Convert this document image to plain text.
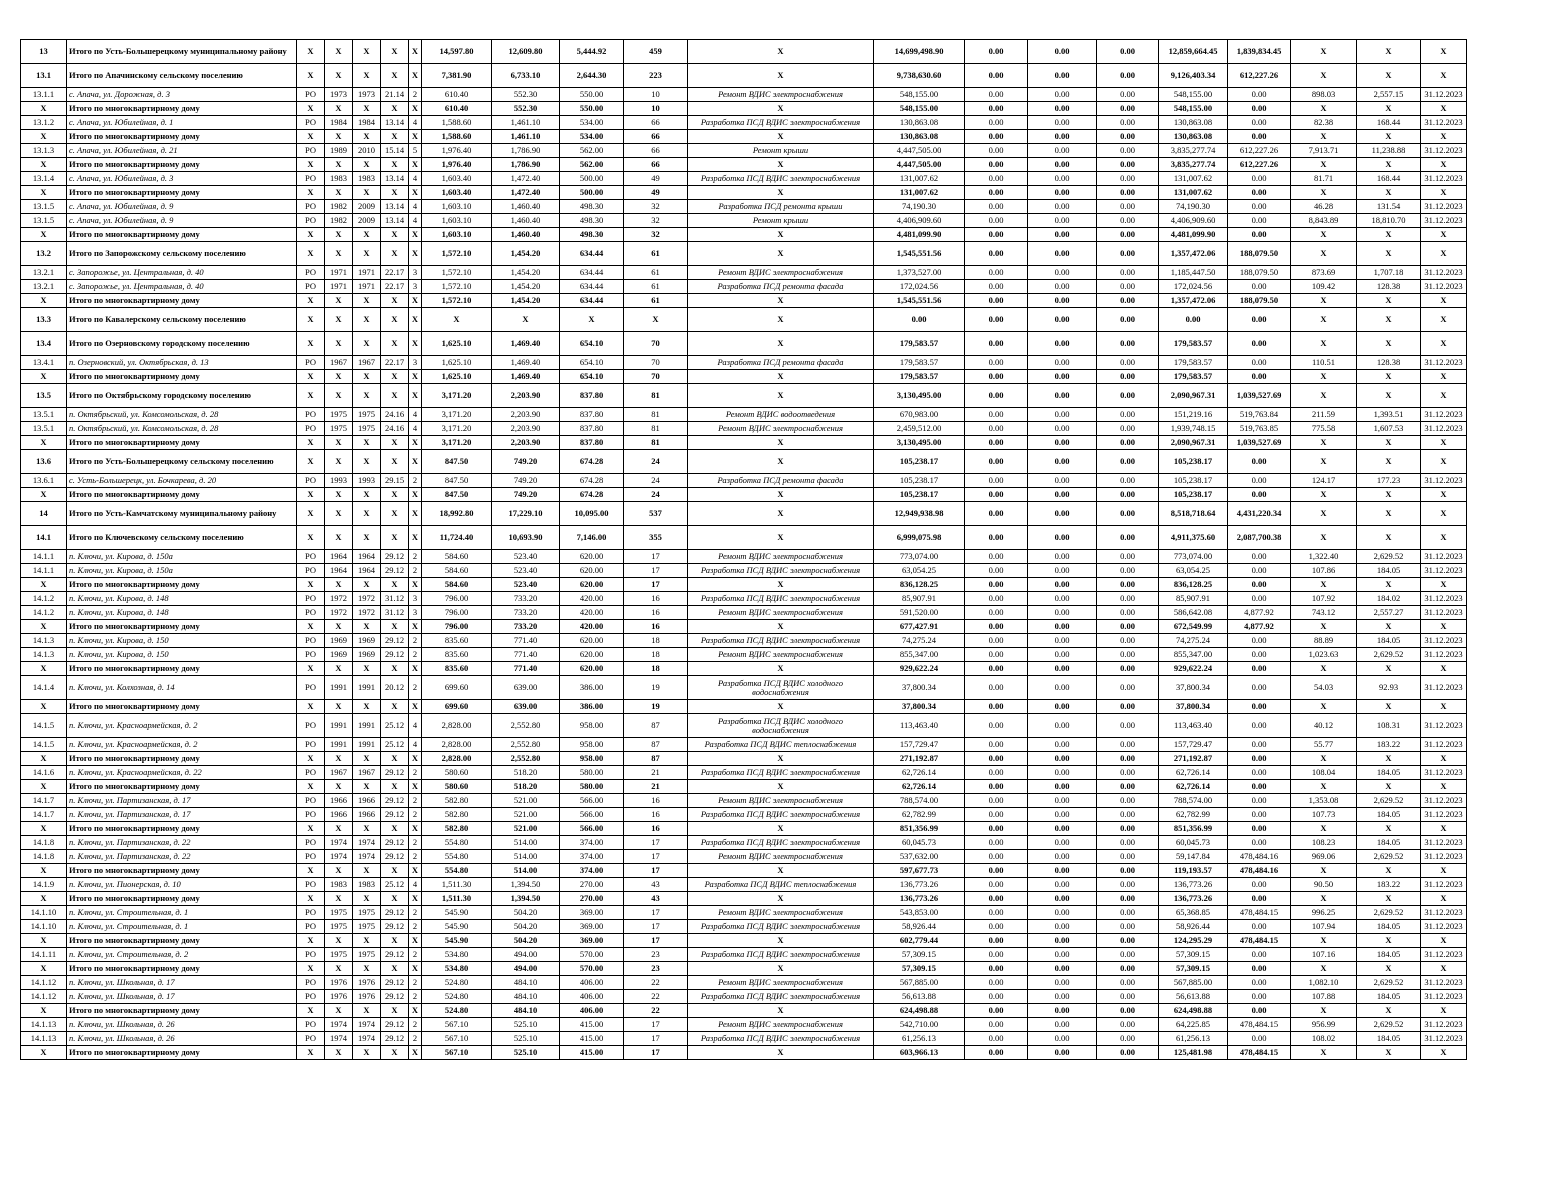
13	Итого по Усть-Большерецкому муниципальному району	X	X	X	X	X	14,597.80	12,609.80	5,444.92	459	X	14,699,498.90	0.00	0.00	0.00	12,859,664.45	1,839,834.45	X	X	X
13.1	Итого по Апачинскому сельскому поселению	X	X	X	X	X	7,381.90	6,733.10	2,644.30	223	X	9,738,630.60	0.00	0.00	0.00	9,126,403.34	612,227.26	X	X	X
13.1.1	с. Апача, ул. Дорожная, д. 3	РО	1973	1973	21.14	2	610.40	552.30	550.00	10	Ремонт ВДИС электроснабжения	548,155.00	0.00	0.00	0.00	548,155.00	0.00	898.03	2,557.15	31.12.2023
X	Итого по многоквартирному дому	X	X	X	X	X	610.40	552.30	550.00	10	X	548,155.00	0.00	0.00	0.00	548,155.00	0.00	X	X	X
13.1.2	с. Апача, ул. Юбилейная, д. 1	РО	1984	1984	13.14	4	1,588.60	1,461.10	534.00	66	Разработка ПСД ВДИС электроснабжения	130,863.08	0.00	0.00	0.00	130,863.08	0.00	82.38	168.44	31.12.2023
X	Итого по многоквартирному дому	X	X	X	X	X	1,588.60	1,461.10	534.00	66	X	130,863.08	0.00	0.00	0.00	130,863.08	0.00	X	X	X
13.1.3	с. Апача, ул. Юбилейная, д. 21	РО	1989	2010	15.14	5	1,976.40	1,786.90	562.00	66	Ремонт крыши	4,447,505.00	0.00	0.00	0.00	3,835,277.74	612,227.26	7,913.71	11,238.88	31.12.2023
X	Итого по многоквартирному дому	X	X	X	X	X	1,976.40	1,786.90	562.00	66	X	4,447,505.00	0.00	0.00	0.00	3,835,277.74	612,227.26	X	X	X
13.1.4	с. Апача, ул. Юбилейная, д. 3	РО	1983	1983	13.14	4	1,603.40	1,472.40	500.00	49	Разработка ПСД ВДИС электроснабжения	131,007.62	0.00	0.00	0.00	131,007.62	0.00	81.71	168.44	31.12.2023
X	Итого по многоквартирному дому	X	X	X	X	X	1,603.40	1,472.40	500.00	49	X	131,007.62	0.00	0.00	0.00	131,007.62	0.00	X	X	X
13.1.5	с. Апача, ул. Юбилейная, д. 9	РО	1982	2009	13.14	4	1,603.10	1,460.40	498.30	32	Разработка ПСД ремонта крыши	74,190.30	0.00	0.00	0.00	74,190.30	0.00	46.28	131.54	31.12.2023
13.1.5	с. Апача, ул. Юбилейная, д. 9	РО	1982	2009	13.14	4	1,603.10	1,460.40	498.30	32	Ремонт крыши	4,406,909.60	0.00	0.00	0.00	4,406,909.60	0.00	8,843.89	18,810.70	31.12.2023
X	Итого по многоквартирному дому	X	X	X	X	X	1,603.10	1,460.40	498.30	32	X	4,481,099.90	0.00	0.00	0.00	4,481,099.90	0.00	X	X	X
13.2	Итого по Запорожскому сельскому поселению	X	X	X	X	X	1,572.10	1,454.20	634.44	61	X	1,545,551.56	0.00	0.00	0.00	1,357,472.06	188,079.50	X	X	X
13.2.1	с. Запорожье, ул. Центральная, д. 40	РО	1971	1971	22.17	3	1,572.10	1,454.20	634.44	61	Ремонт ВДИС электроснабжения	1,373,527.00	0.00	0.00	0.00	1,185,447.50	188,079.50	873.69	1,707.18	31.12.2023
13.2.1	с. Запорожье, ул. Центральная, д. 40	РО	1971	1971	22.17	3	1,572.10	1,454.20	634.44	61	Разработка ПСД ремонта фасада	172,024.56	0.00	0.00	0.00	172,024.56	0.00	109.42	128.38	31.12.2023
X	Итого по многоквартирному дому	X	X	X	X	X	1,572.10	1,454.20	634.44	61	X	1,545,551.56	0.00	0.00	0.00	1,357,472.06	188,079.50	X	X	X
13.3	Итого по Кавалерскому сельскому поселению	X	X	X	X	X	X	X	X	X	X	0.00	0.00	0.00	0.00	0.00	0.00	X	X	X
13.4	Итого по Озерновскому городскому поселению	X	X	X	X	X	1,625.10	1,469.40	654.10	70	X	179,583.57	0.00	0.00	0.00	179,583.57	0.00	X	X	X
13.4.1	п. Озерновский, ул. Октябрьская, д. 13	РО	1967	1967	22.17	3	1,625.10	1,469.40	654.10	70	Разработка ПСД ремонта фасада	179,583.57	0.00	0.00	0.00	179,583.57	0.00	110.51	128.38	31.12.2023
X	Итого по многоквартирному дому	X	X	X	X	X	1,625.10	1,469.40	654.10	70	X	179,583.57	0.00	0.00	0.00	179,583.57	0.00	X	X	X
13.5	Итого по Октябрьскому городскому поселению	X	X	X	X	X	3,171.20	2,203.90	837.80	81	X	3,130,495.00	0.00	0.00	0.00	2,090,967.31	1,039,527.69	X	X	X
13.5.1	п. Октябрьский, ул. Комсомольская, д. 28	РО	1975	1975	24.16	4	3,171.20	2,203.90	837.80	81	Ремонт ВДИС водоотведения	670,983.00	0.00	0.00	0.00	151,219.16	519,763.84	211.59	1,393.51	31.12.2023
13.5.1	п. Октябрьский, ул. Комсомольская, д. 28	РО	1975	1975	24.16	4	3,171.20	2,203.90	837.80	81	Ремонт ВДИС электроснабжения	2,459,512.00	0.00	0.00	0.00	1,939,748.15	519,763.85	775.58	1,607.53	31.12.2023
X	Итого по многоквартирному дому	X	X	X	X	X	3,171.20	2,203.90	837.80	81	X	3,130,495.00	0.00	0.00	0.00	2,090,967.31	1,039,527.69	X	X	X
13.6	Итого по Усть-Большерецкому сельскому поселению	X	X	X	X	X	847.50	749.20	674.28	24	X	105,238.17	0.00	0.00	0.00	105,238.17	0.00	X	X	X
13.6.1	с. Усть-Большерецк, ул. Бочкарева, д. 20	РО	1993	1993	29.15	2	847.50	749.20	674.28	24	Разработка ПСД ремонта фасада	105,238.17	0.00	0.00	0.00	105,238.17	0.00	124.17	177.23	31.12.2023
X	Итого по многоквартирному дому	X	X	X	X	X	847.50	749.20	674.28	24	X	105,238.17	0.00	0.00	0.00	105,238.17	0.00	X	X	X
14	Итого по Усть-Камчатскому муниципальному району	X	X	X	X	X	18,992.80	17,229.10	10,095.00	537	X	12,949,938.98	0.00	0.00	0.00	8,518,718.64	4,431,220.34	X	X	X
14.1	Итого по Ключевскому сельскому поселению	X	X	X	X	X	11,724.40	10,693.90	7,146.00	355	X	6,999,075.98	0.00	0.00	0.00	4,911,375.60	2,087,700.38	X	X	X
14.1.1	п. Ключи, ул. Кирова, д. 150а	РО	1964	1964	29.12	2	584.60	523.40	620.00	17	Ремонт ВДИС электроснабжения	773,074.00	0.00	0.00	0.00	773,074.00	0.00	1,322.40	2,629.52	31.12.2023
14.1.1	п. Ключи, ул. Кирова, д. 150а	РО	1964	1964	29.12	2	584.60	523.40	620.00	17	Разработка ПСД ВДИС электроснабжения	63,054.25	0.00	0.00	0.00	63,054.25	0.00	107.86	184.05	31.12.2023
X	Итого по многоквартирному дому	X	X	X	X	X	584.60	523.40	620.00	17	X	836,128.25	0.00	0.00	0.00	836,128.25	0.00	X	X	X
14.1.2	п. Ключи, ул. Кирова, д. 148	РО	1972	1972	31.12	3	796.00	733.20	420.00	16	Разработка ПСД ВДИС электроснабжения	85,907.91	0.00	0.00	0.00	85,907.91	0.00	107.92	184.02	31.12.2023
14.1.2	п. Ключи, ул. Кирова, д. 148	РО	1972	1972	31.12	3	796.00	733.20	420.00	16	Ремонт ВДИС электроснабжения	591,520.00	0.00	0.00	0.00	586,642.08	4,877.92	743.12	2,557.27	31.12.2023
X	Итого по многоквартирному дому	X	X	X	X	X	796.00	733.20	420.00	16	X	677,427.91	0.00	0.00	0.00	672,549.99	4,877.92	X	X	X
14.1.3	п. Ключи, ул. Кирова, д. 150	РО	1969	1969	29.12	2	835.60	771.40	620.00	18	Разработка ПСД ВДИС электроснабжения	74,275.24	0.00	0.00	0.00	74,275.24	0.00	88.89	184.05	31.12.2023
14.1.3	п. Ключи, ул. Кирова, д. 150	РО	1969	1969	29.12	2	835.60	771.40	620.00	18	Ремонт ВДИС электроснабжения	855,347.00	0.00	0.00	0.00	855,347.00	0.00	1,023.63	2,629.52	31.12.2023
X	Итого по многоквартирному дому	X	X	X	X	X	835.60	771.40	620.00	18	X	929,622.24	0.00	0.00	0.00	929,622.24	0.00	X	X	X
14.1.4	п. Ключи, ул. Колхозная, д. 14	РО	1991	1991	20.12	2	699.60	639.00	386.00	19	Разработка ПСД ВДИС холодного водоснабжения	37,800.34	0.00	0.00	0.00	37,800.34	0.00	54.03	92.93	31.12.2023
X	Итого по многоквартирному дому	X	X	X	X	X	699.60	639.00	386.00	19	X	37,800.34	0.00	0.00	0.00	37,800.34	0.00	X	X	X
14.1.5	п. Ключи, ул. Красноармейская, д. 2	РО	1991	1991	25.12	4	2,828.00	2,552.80	958.00	87	Разработка ПСД ВДИС холодного водоснабжения	113,463.40	0.00	0.00	0.00	113,463.40	0.00	40.12	108.31	31.12.2023
14.1.5	п. Ключи, ул. Красноармейская, д. 2	РО	1991	1991	25.12	4	2,828.00	2,552.80	958.00	87	Разработка ПСД ВДИС теплоснабжения	157,729.47	0.00	0.00	0.00	157,729.47	0.00	55.77	183.22	31.12.2023
X	Итого по многоквартирному дому	X	X	X	X	X	2,828.00	2,552.80	958.00	87	X	271,192.87	0.00	0.00	0.00	271,192.87	0.00	X	X	X
14.1.6	п. Ключи, ул. Красноармейская, д. 22	РО	1967	1967	29.12	2	580.60	518.20	580.00	21	Разработка ПСД ВДИС электроснабжения	62,726.14	0.00	0.00	0.00	62,726.14	0.00	108.04	184.05	31.12.2023
X	Итого по многоквартирному дому	X	X	X	X	X	580.60	518.20	580.00	21	X	62,726.14	0.00	0.00	0.00	62,726.14	0.00	X	X	X
14.1.7	п. Ключи, ул. Партизанская, д. 17	РО	1966	1966	29.12	2	582.80	521.00	566.00	16	Ремонт ВДИС электроснабжения	788,574.00	0.00	0.00	0.00	788,574.00	0.00	1,353.08	2,629.52	31.12.2023
14.1.7	п. Ключи, ул. Партизанская, д. 17	РО	1966	1966	29.12	2	582.80	521.00	566.00	16	Разработка ПСД ВДИС электроснабжения	62,782.99	0.00	0.00	0.00	62,782.99	0.00	107.73	184.05	31.12.2023
X	Итого по многоквартирному дому	X	X	X	X	X	582.80	521.00	566.00	16	X	851,356.99	0.00	0.00	0.00	851,356.99	0.00	X	X	X
14.1.8	п. Ключи, ул. Партизанская, д. 22	РО	1974	1974	29.12	2	554.80	514.00	374.00	17	Разработка ПСД ВДИС электроснабжения	60,045.73	0.00	0.00	0.00	60,045.73	0.00	108.23	184.05	31.12.2023
14.1.8	п. Ключи, ул. Партизанская, д. 22	РО	1974	1974	29.12	2	554.80	514.00	374.00	17	Ремонт ВДИС электроснабжения	537,632.00	0.00	0.00	0.00	59,147.84	478,484.16	969.06	2,629.52	31.12.2023
X	Итого по многоквартирному дому	X	X	X	X	X	554.80	514.00	374.00	17	X	597,677.73	0.00	0.00	0.00	119,193.57	478,484.16	X	X	X
14.1.9	п. Ключи, ул. Пионерская, д. 10	РО	1983	1983	25.12	4	1,511.30	1,394.50	270.00	43	Разработка ПСД ВДИС теплоснабжения	136,773.26	0.00	0.00	0.00	136,773.26	0.00	90.50	183.22	31.12.2023
X	Итого по многоквартирному дому	X	X	X	X	X	1,511.30	1,394.50	270.00	43	X	136,773.26	0.00	0.00	0.00	136,773.26	0.00	X	X	X
14.1.10	п. Ключи, ул. Строительная, д. 1	РО	1975	1975	29.12	2	545.90	504.20	369.00	17	Ремонт ВДИС электроснабжения	543,853.00	0.00	0.00	0.00	65,368.85	478,484.15	996.25	2,629.52	31.12.2023
14.1.10	п. Ключи, ул. Строительная, д. 1	РО	1975	1975	29.12	2	545.90	504.20	369.00	17	Разработка ПСД ВДИС электроснабжения	58,926.44	0.00	0.00	0.00	58,926.44	0.00	107.94	184.05	31.12.2023
X	Итого по многоквартирному дому	X	X	X	X	X	545.90	504.20	369.00	17	X	602,779.44	0.00	0.00	0.00	124,295.29	478,484.15	X	X	X
14.1.11	п. Ключи, ул. Строительная, д. 2	РО	1975	1975	29.12	2	534.80	494.00	570.00	23	Разработка ПСД ВДИС электроснабжения	57,309.15	0.00	0.00	0.00	57,309.15	0.00	107.16	184.05	31.12.2023
X	Итого по многоквартирному дому	X	X	X	X	X	534.80	494.00	570.00	23	X	57,309.15	0.00	0.00	0.00	57,309.15	0.00	X	X	X
14.1.12	п. Ключи, ул. Школьная, д. 17	РО	1976	1976	29.12	2	524.80	484.10	406.00	22	Ремонт ВДИС электроснабжения	567,885.00	0.00	0.00	0.00	567,885.00	0.00	1,082.10	2,629.52	31.12.2023
14.1.12	п. Ключи, ул. Школьная, д. 17	РО	1976	1976	29.12	2	524.80	484.10	406.00	22	Разработка ПСД ВДИС электроснабжения	56,613.88	0.00	0.00	0.00	56,613.88	0.00	107.88	184.05	31.12.2023
X	Итого по многоквартирному дому	X	X	X	X	X	524.80	484.10	406.00	22	X	624,498.88	0.00	0.00	0.00	624,498.88	0.00	X	X	X
14.1.13	п. Ключи, ул. Школьная, д. 26	РО	1974	1974	29.12	2	567.10	525.10	415.00	17	Ремонт ВДИС электроснабжения	542,710.00	0.00	0.00	0.00	64,225.85	478,484.15	956.99	2,629.52	31.12.2023
14.1.13	п. Ключи, ул. Школьная, д. 26	РО	1974	1974	29.12	2	567.10	525.10	415.00	17	Разработка ПСД ВДИС электроснабжения	61,256.13	0.00	0.00	0.00	61,256.13	0.00	108.02	184.05	31.12.2023
X	Итого по многоквартирному дому	X	X	X	X	X	567.10	525.10	415.00	17	X	603,966.13	0.00	0.00	0.00	125,481.98	478,484.15	X	X	X
